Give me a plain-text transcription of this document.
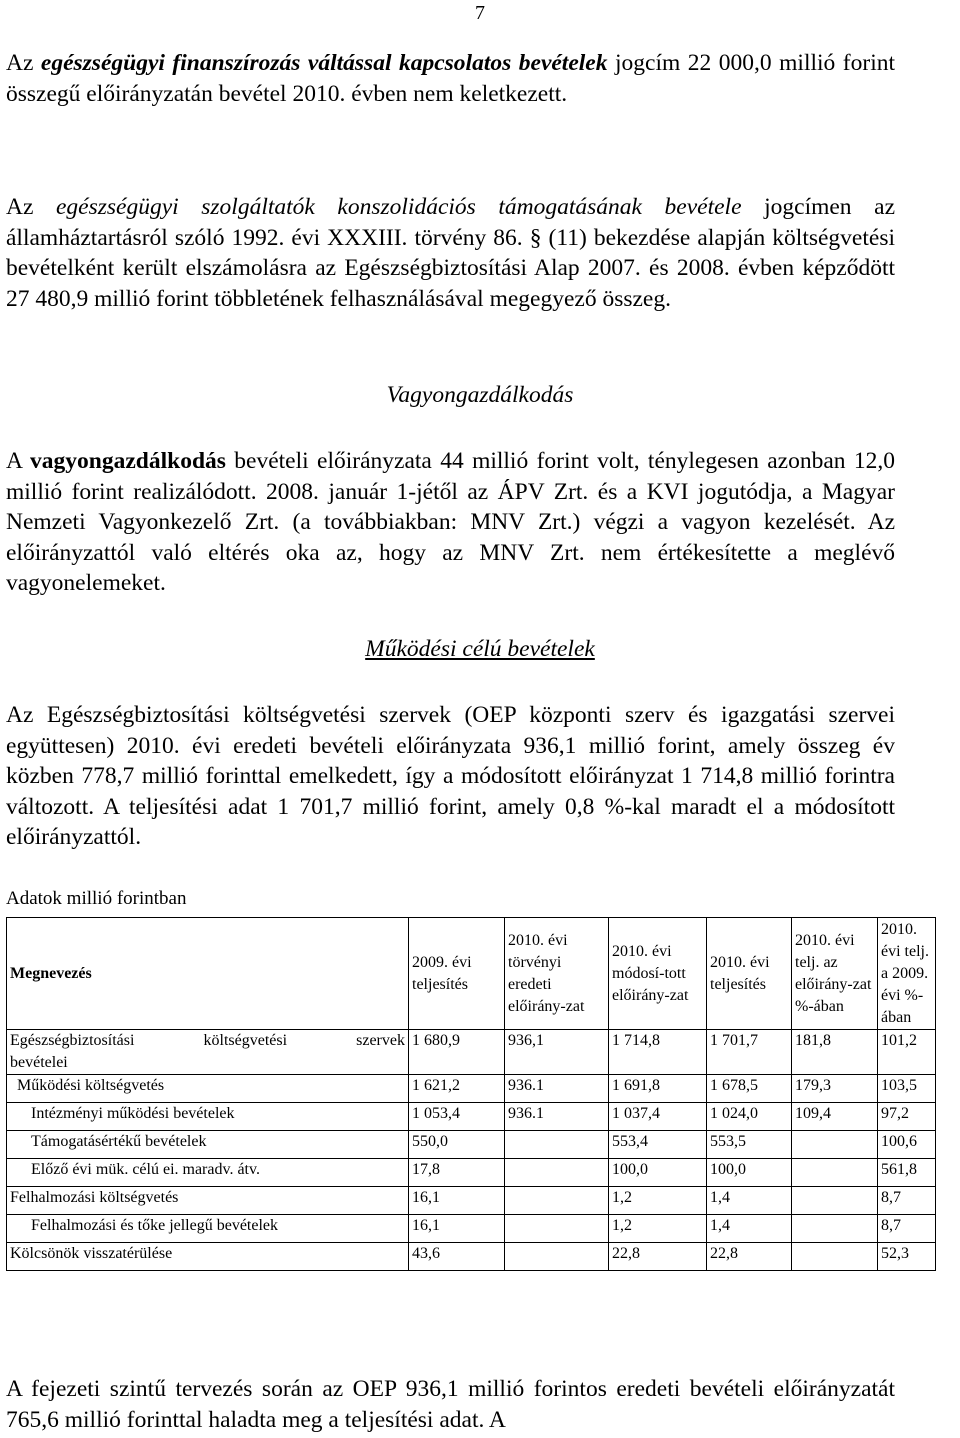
7

Az egészségügyi finanszírozás váltással kapcsolatos bevételek jogcím 22 000,0 millió forint összegű előirányzatán bevétel 2010. évben nem keletkezett.

Az egészségügyi szolgáltatók konszolidációs támogatásának bevétele jogcímen az államháztartásról szóló 1992. évi XXXIII. törvény 86. § (11) bekezdése alapján költségvetési bevételként került elszámolásra az Egészségbiztosítási Alap 2007. és 2008. évben képződött 27 480,9 millió forint többletének felhasználásával megegyező összeg.

Vagyongazdálkodás

A vagyongazdálkodás bevételi előirányzata 44 millió forint volt, ténylegesen azonban 12,0 millió forint realizálódott. 2008. január 1-jétől az ÁPV Zrt. és a KVI jogutódja, a Magyar Nemzeti Vagyonkezelő Zrt. (a továbbiakban: MNV Zrt.) végzi a vagyon kezelését. Az előirányzattól való eltérés oka az, hogy az MNV Zrt. nem értékesítette a meglévő vagyonelemeket.

Működési célú bevételek

Az Egészségbiztosítási költségvetési szervek (OEP központi szerv és igazgatási szervei együttesen) 2010. évi eredeti bevételi előirányzata 936,1 millió forint, amely összeg év közben 778,7 millió forinttal emelkedett, így a módosított előirányzat 1 714,8 millió forintra változott. A teljesítési adat 1 701,7 millió forint, amely 0,8 %-kal maradt el a módosított előirányzattól.

Adatok millió forintban
Megnevezés	2009. évi teljesítés	2010. évi törvényi eredeti előirány-zat	2010. évi módosí-tott előirány-zat	2010. évi teljesítés	2010. évi telj. az előirány-zat %-ában	2010. évi telj. a 2009. évi %-ában

Egészségbiztosítási költségvetési szervek
bevételei	1 680,9	936,1	1 714,8	1 701,7	181,8	101,2
Működési költségvetés	1 621,2	936.1	1 691,8	1 678,5	179,3	103,5
Intézményi működési bevételek	1 053,4	936.1	1 037,4	1 024,0	109,4	97,2
Támogatásértékű bevételek	550,0		553,4	553,5		100,6
Előző évi mük. célú ei. maradv. átv.	17,8		100,0	100,0		561,8
Felhalmozási költségvetés	16,1		1,2	1,4		8,7
Felhalmozási és tőke jellegű bevételek	16,1		1,2	1,4		8,7
Kölcsönök visszatérülése	43,6		22,8	22,8		52,3

A fejezeti szintű tervezés során az OEP 936,1 millió forintos eredeti bevételi előirányzatát 765,6 millió forinttal haladta meg a teljesítési adat. A
